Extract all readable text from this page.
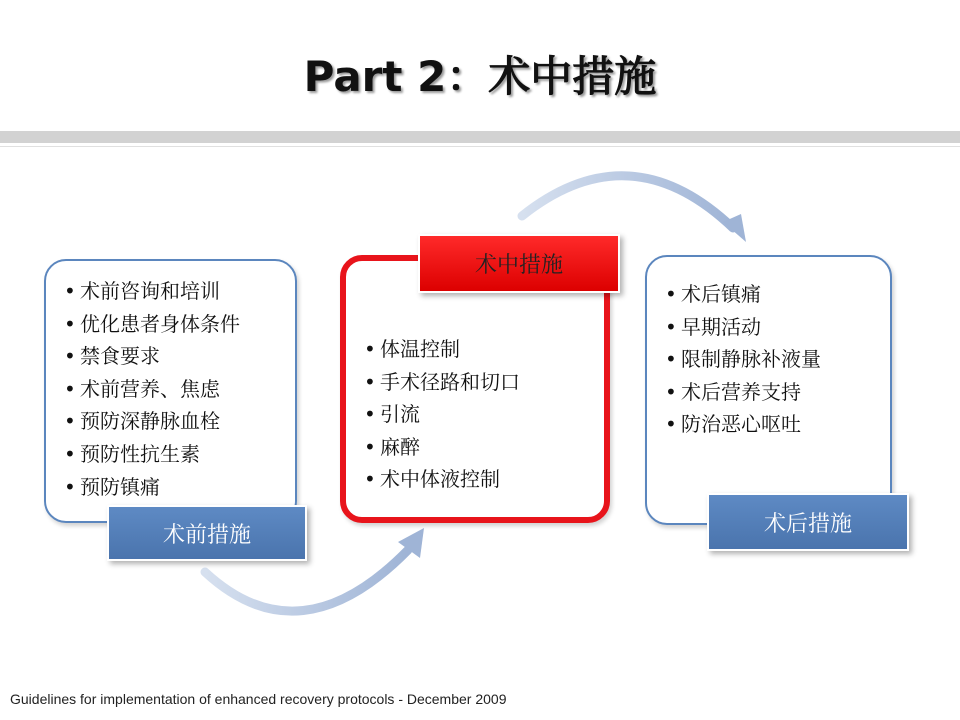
Part 2：术中措施
• 术前咨询和培训
• 优化患者身体条件
• 禁食要求
• 术前营养、焦虑
• 预防深静脉血栓
• 预防性抗生素
• 预防镇痛
• 体温控制
• 手术径路和切口
• 引流
• 麻醉
• 术中体液控制
• 术后镇痛
• 早期活动
• 限制静脉补液量
• 术后营养支持
• 防治恶心呕吐
术前措施
术中措施
术后措施
Guidelines for implementation of enhanced recovery protocols - December 2009
